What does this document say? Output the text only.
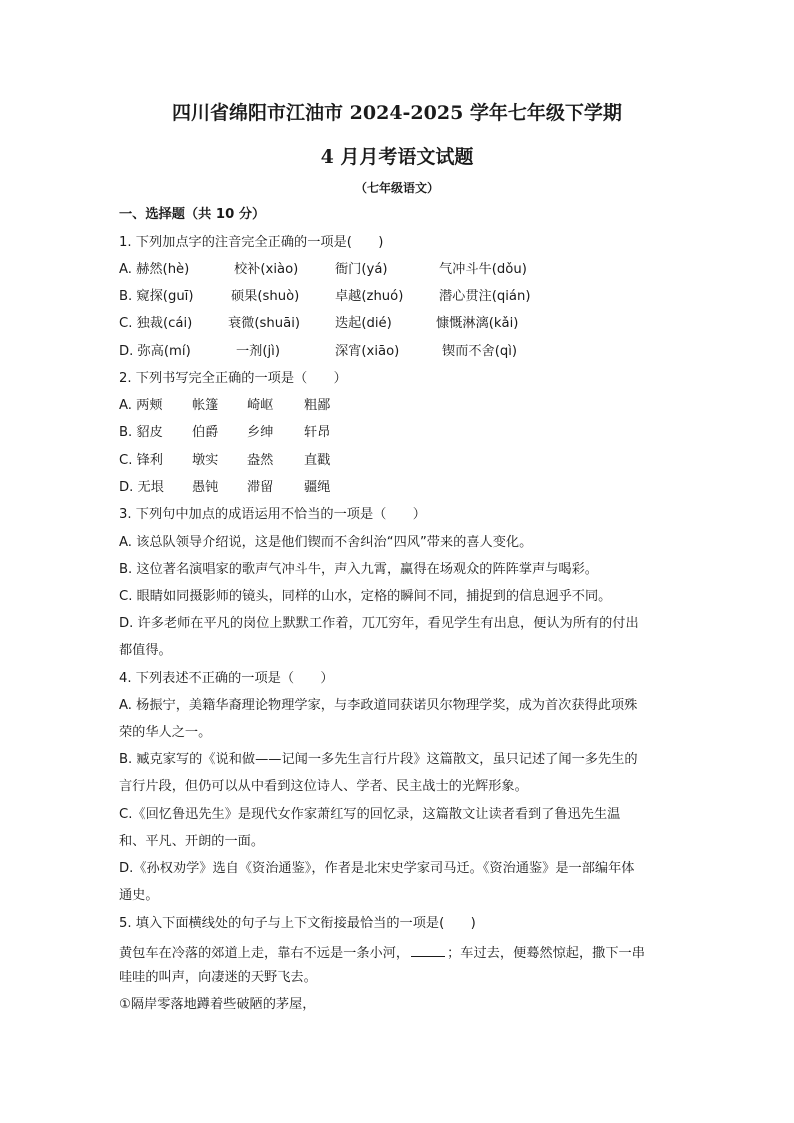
四川省绵阳市江油市 2024-2025 学年七年级下学期
4 月月考语文试题
（七年级语文）
一、选择题（共 10 分）
1. 下列加点字的注音完全正确的一项是(　　)
A. 赫然(hè)	校补(xiào)	衙门(yá)	气冲斗牛(dǒu)
B. 窥探(guī)	硕果(shuò)	卓越(zhuó)	潜心贯注(qián)
C. 独裁(cái)	衰微(shuāi)	迭起(dié)	慷慨淋漓(kǎi)
D. 弥高(mí)	一剂(jì)	深宵(xiāo)	锲而不舍(qì)
2. 下列书写完全正确的一项是（　　）
A. 两颊 帐篷 崎岖 粗鄙
B. 貂皮 伯爵 乡绅 轩昂
C. 锋利 墩实 盎然 直戳
D. 无垠 愚钝 滞留 疆绳
3. 下列句中加点的成语运用不恰当的一项是（　　）
A. 该总队领导介绍说，这是他们锲而不舍纠治“四风”带来的喜人变化。
B. 这位著名演唱家的歌声气冲斗牛，声入九霄，赢得在场观众的阵阵掌声与喝彩。
C. 眼睛如同摄影师的镜头，同样的山水，定格的瞬间不同，捕捉到的信息迥乎不同。
D. 许多老师在平凡的岗位上默默工作着，兀兀穷年，看见学生有出息，便认为所有的付出
都值得。
4. 下列表述不正确的一项是（　　）
A. 杨振宁，美籍华裔理论物理学家，与李政道同获诺贝尔物理学奖，成为首次获得此项殊
荣的华人之一。
B. 臧克家写的《说和做——记闻一多先生言行片段》这篇散文，虽只记述了闻一多先生的
言行片段，但仍可以从中看到这位诗人、学者、民主战士的光辉形象。
C.《回忆鲁迅先生》是现代女作家萧红写的回忆录，这篇散文让读者看到了鲁迅先生温
和、平凡、开朗的一面。
D.《孙权劝学》选自《资治通鉴》，作者是北宋史学家司马迁。《资治通鉴》是一部编年体
通史。
5. 填入下面横线处的句子与上下文衔接最恰当的一项是(　　)
黄包车在冷落的郊道上走，靠右不远是一条小河，	；车过去，便蓦然惊起，撒下一串
哇哇的叫声，向凄迷的天野飞去。
①隔岸零落地蹲着些破陋的茅屋，
